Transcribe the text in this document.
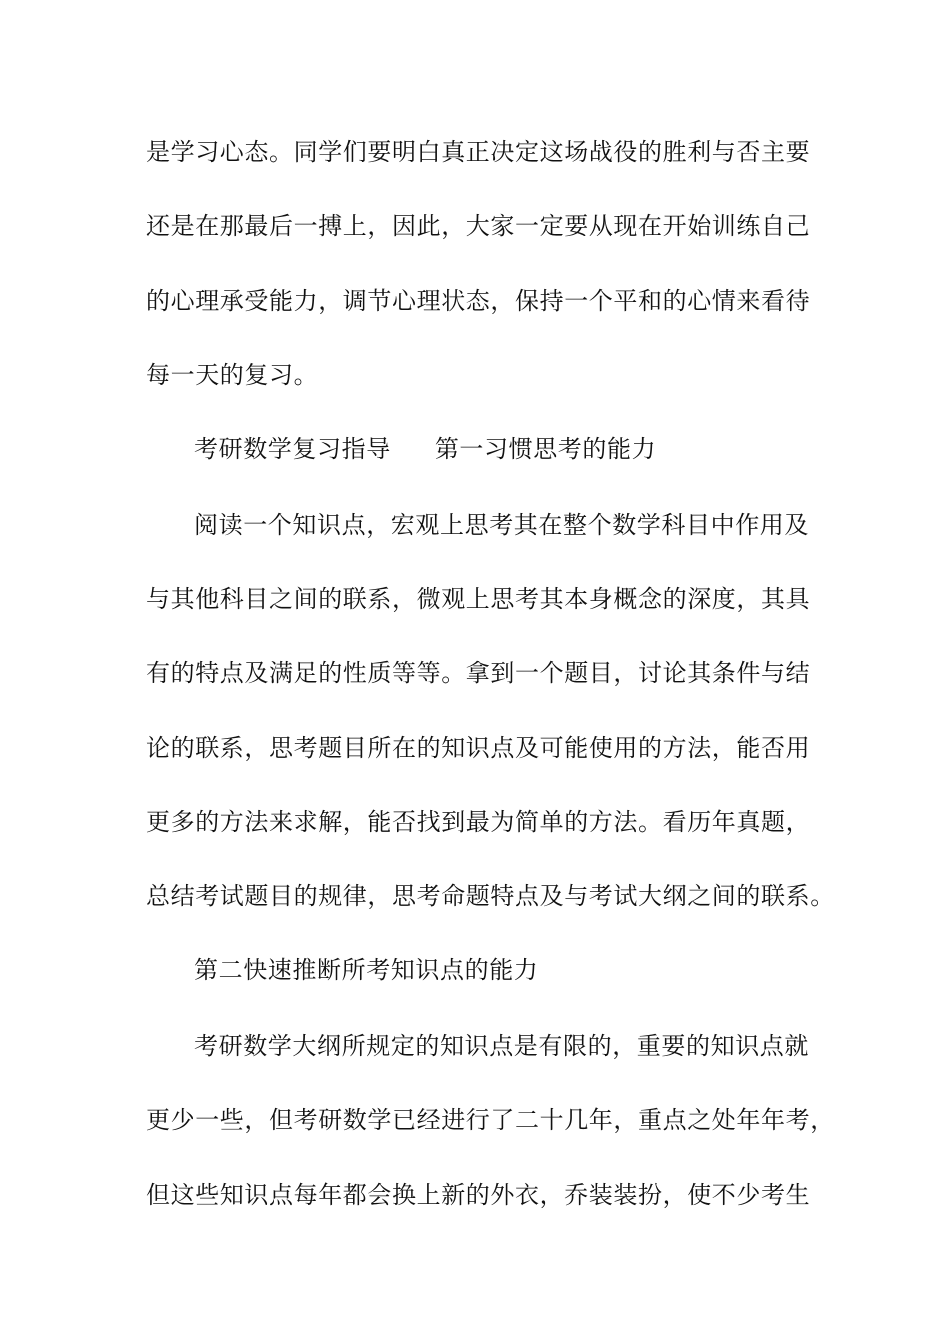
是学习心态。同学们要明白真正决定这场战役的胜利与否主要
还是在那最后一搏上，因此，大家一定要从现在开始训练自己
的心理承受能力，调节心理状态，保持一个平和的心情来看待
每一天的复习。
考研数学复习指导 第一习惯思考的能力
阅读一个知识点，宏观上思考其在整个数学科目中作用及
与其他科目之间的联系，微观上思考其本身概念的深度，其具
有的特点及满足的性质等等。拿到一个题目，讨论其条件与结
论的联系，思考题目所在的知识点及可能使用的方法，能否用
更多的方法来求解，能否找到最为简单的方法。看历年真题，
总结考试题目的规律，思考命题特点及与考试大纲之间的联系。
第二快速推断所考知识点的能力
考研数学大纲所规定的知识点是有限的，重要的知识点就
更少一些，但考研数学已经进行了二十几年，重点之处年年考，
但这些知识点每年都会换上新的外衣，乔装装扮，使不少考生
